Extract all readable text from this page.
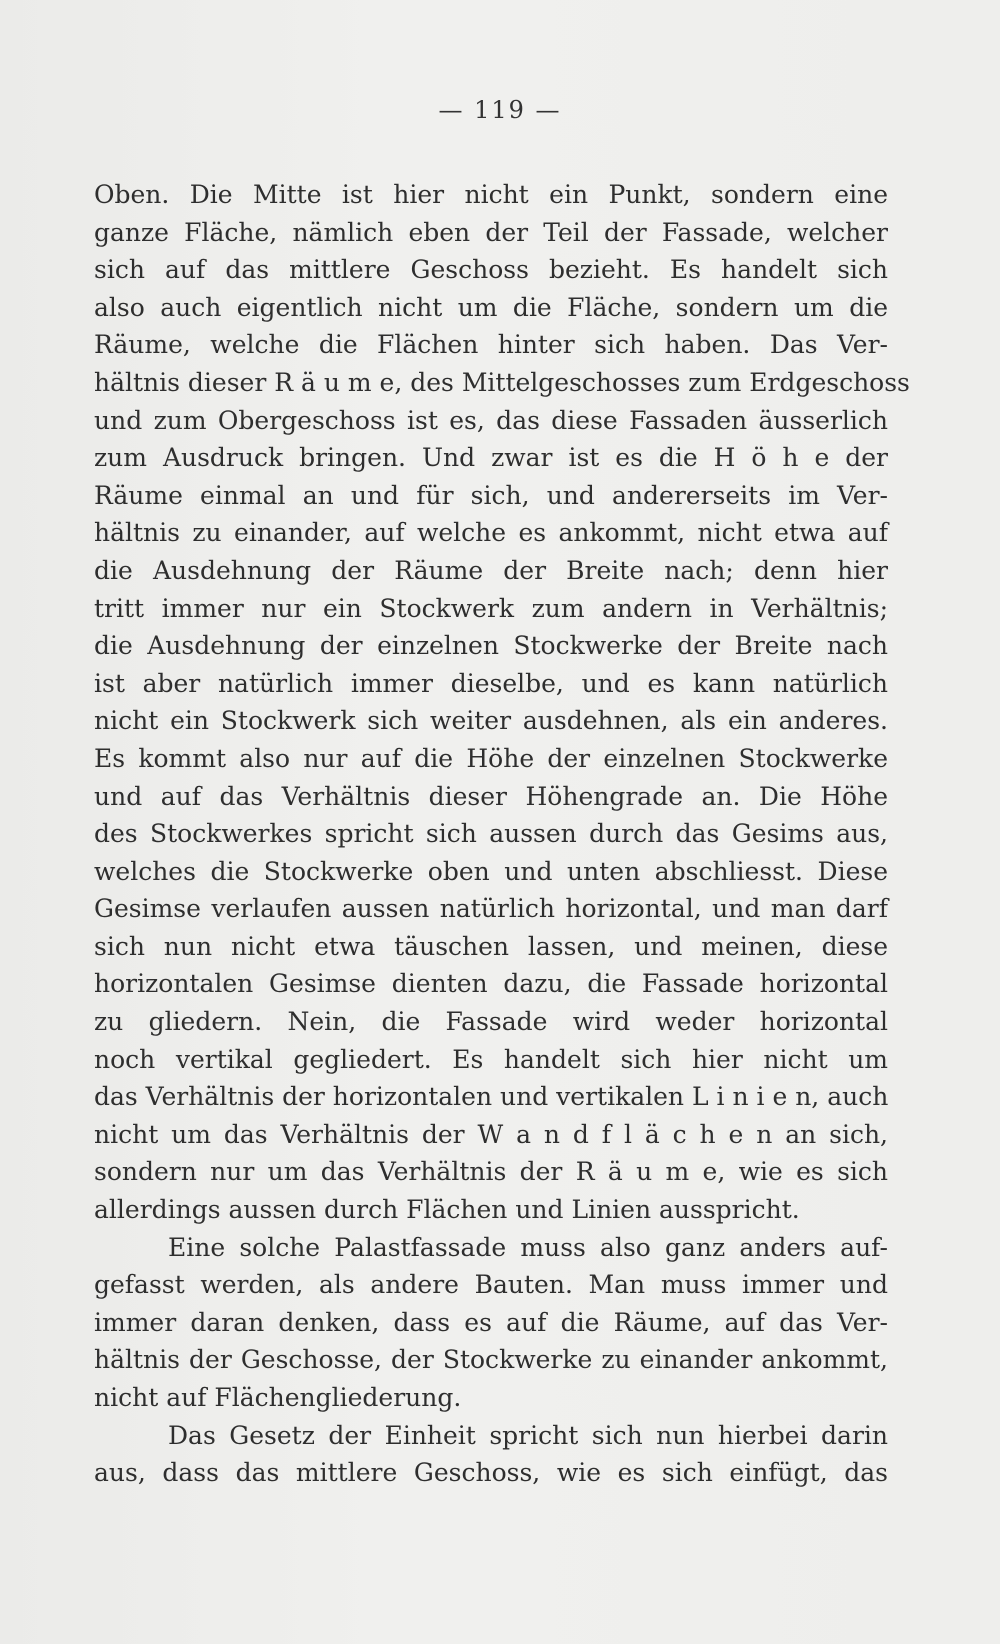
— 119 —
Oben. Die Mitte ist hier nicht ein Punkt, sondern eine
ganze Fläche, nämlich eben der Teil der Fassade, welcher
sich auf das mittlere Geschoss bezieht. Es handelt sich
also auch eigentlich nicht um die Fläche, sondern um die
Räume, welche die Flächen hinter sich haben. Das Ver-
hältnis dieser R ä u m e, des Mittelgeschosses zum Erdgeschoss
und zum Obergeschoss ist es, das diese Fassaden äusserlich
zum Ausdruck bringen. Und zwar ist es die H ö h e der
Räume einmal an und für sich, und andererseits im Ver-
hältnis zu einander, auf welche es ankommt, nicht etwa auf
die Ausdehnung der Räume der Breite nach; denn hier
tritt immer nur ein Stockwerk zum andern in Verhältnis;
die Ausdehnung der einzelnen Stockwerke der Breite nach
ist aber natürlich immer dieselbe, und es kann natürlich
nicht ein Stockwerk sich weiter ausdehnen, als ein anderes.
Es kommt also nur auf die Höhe der einzelnen Stockwerke
und auf das Verhältnis dieser Höhengrade an. Die Höhe
des Stockwerkes spricht sich aussen durch das Gesims aus,
welches die Stockwerke oben und unten abschliesst. Diese
Gesimse verlaufen aussen natürlich horizontal, und man darf
sich nun nicht etwa täuschen lassen, und meinen, diese
horizontalen Gesimse dienten dazu, die Fassade horizontal
zu gliedern. Nein, die Fassade wird weder horizontal
noch vertikal gegliedert. Es handelt sich hier nicht um
das Verhältnis der horizontalen und vertikalen L i n i e n, auch
nicht um das Verhältnis der W a n d f l ä c h e n an sich,
sondern nur um das Verhältnis der R ä u m e, wie es sich
allerdings aussen durch Flächen und Linien ausspricht.
Eine solche Palastfassade muss also ganz anders auf-
gefasst werden, als andere Bauten. Man muss immer und
immer daran denken, dass es auf die Räume, auf das Ver-
hältnis der Geschosse, der Stockwerke zu einander ankommt,
nicht auf Flächengliederung.
Das Gesetz der Einheit spricht sich nun hierbei darin
aus, dass das mittlere Geschoss, wie es sich einfügt, das
